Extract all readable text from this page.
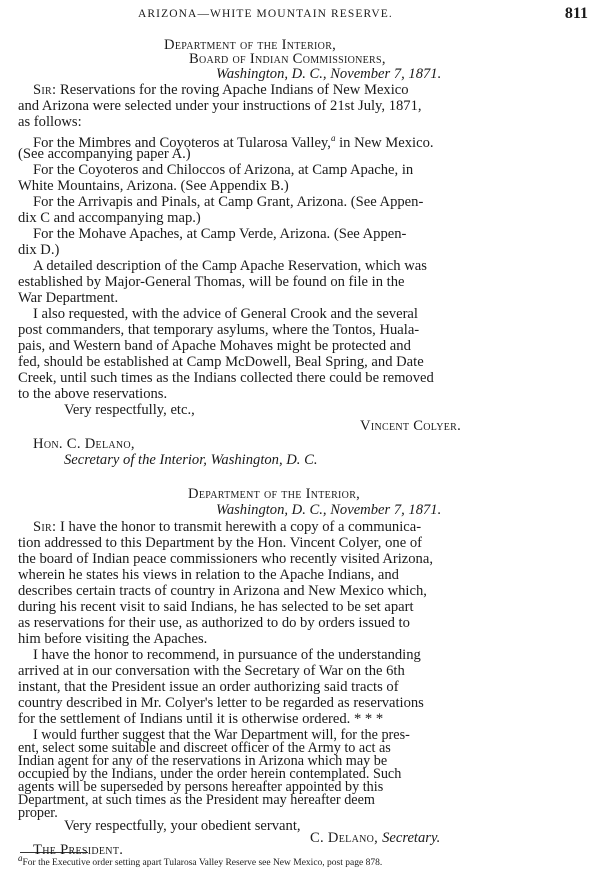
ARIZONA—WHITE MOUNTAIN RESERVE.	811
Department of the Interior,
Board of Indian Commissioners,
Washington, D. C., November 7, 1871.
Sir: Reservations for the roving Apache Indians of New Mexico
and Arizona were selected under your instructions of 21st July, 1871,
as follows:
For the Mimbres and Coyoteros at Tularosa Valley,$^a$ in New Mexico.
(See accompanying paper A.)
For the Coyoteros and Chiloccos of Arizona, at Camp Apache, in
White Mountains, Arizona. (See Appendix B.)
For the Arrivapis and Pinals, at Camp Grant, Arizona. (See Appen-
dix C and accompanying map.)
For the Mohave Apaches, at Camp Verde, Arizona. (See Appen-
dix D.)
A detailed description of the Camp Apache Reservation, which was
established by Major-General Thomas, will be found on file in the
War Department.
I also requested, with the advice of General Crook and the several
post commanders, that temporary asylums, where the Tontos, Huala-
pais, and Western band of Apache Mohaves might be protected and
fed, should be established at Camp McDowell, Beal Spring, and Date
Creek, until such times as the Indians collected there could be removed
to the above reservations.
Very respectfully, etc.,
Vincent Colyer.
Hon. C. Delano,
Secretary of the Interior, Washington, D. C.
Department of the Interior,
Washington, D. C., November 7, 1871.
Sir: I have the honor to transmit herewith a copy of a communica-
tion addressed to this Department by the Hon. Vincent Colyer, one of
the board of Indian peace commissioners who recently visited Arizona,
wherein he states his views in relation to the Apache Indians, and
describes certain tracts of country in Arizona and New Mexico which,
during his recent visit to said Indians, he has selected to be set apart
as reservations for their use, as authorized to do by orders issued to
him before visiting the Apaches.
I have the honor to recommend, in pursuance of the understanding
arrived at in our conversation with the Secretary of War on the 6th
instant, that the President issue an order authorizing said tracts of
country described in Mr. Colyer's letter to be regarded as reservations
for the settlement of Indians until it is otherwise ordered. * * *
I would further suggest that the War Department will, for the pres-
ent, select some suitable and discreet officer of the Army to act as
Indian agent for any of the reservations in Arizona which may be
occupied by the Indians, under the order herein contemplated. Such
agents will be superseded by persons hereafter appointed by this
Department, at such times as the President may hereafter deem
proper.
Very respectfully, your obedient servant,
C. Delano, Secretary.
The President.
$^a$For the Executive order setting apart Tularosa Valley Reserve see New Mexico, post page 878.
